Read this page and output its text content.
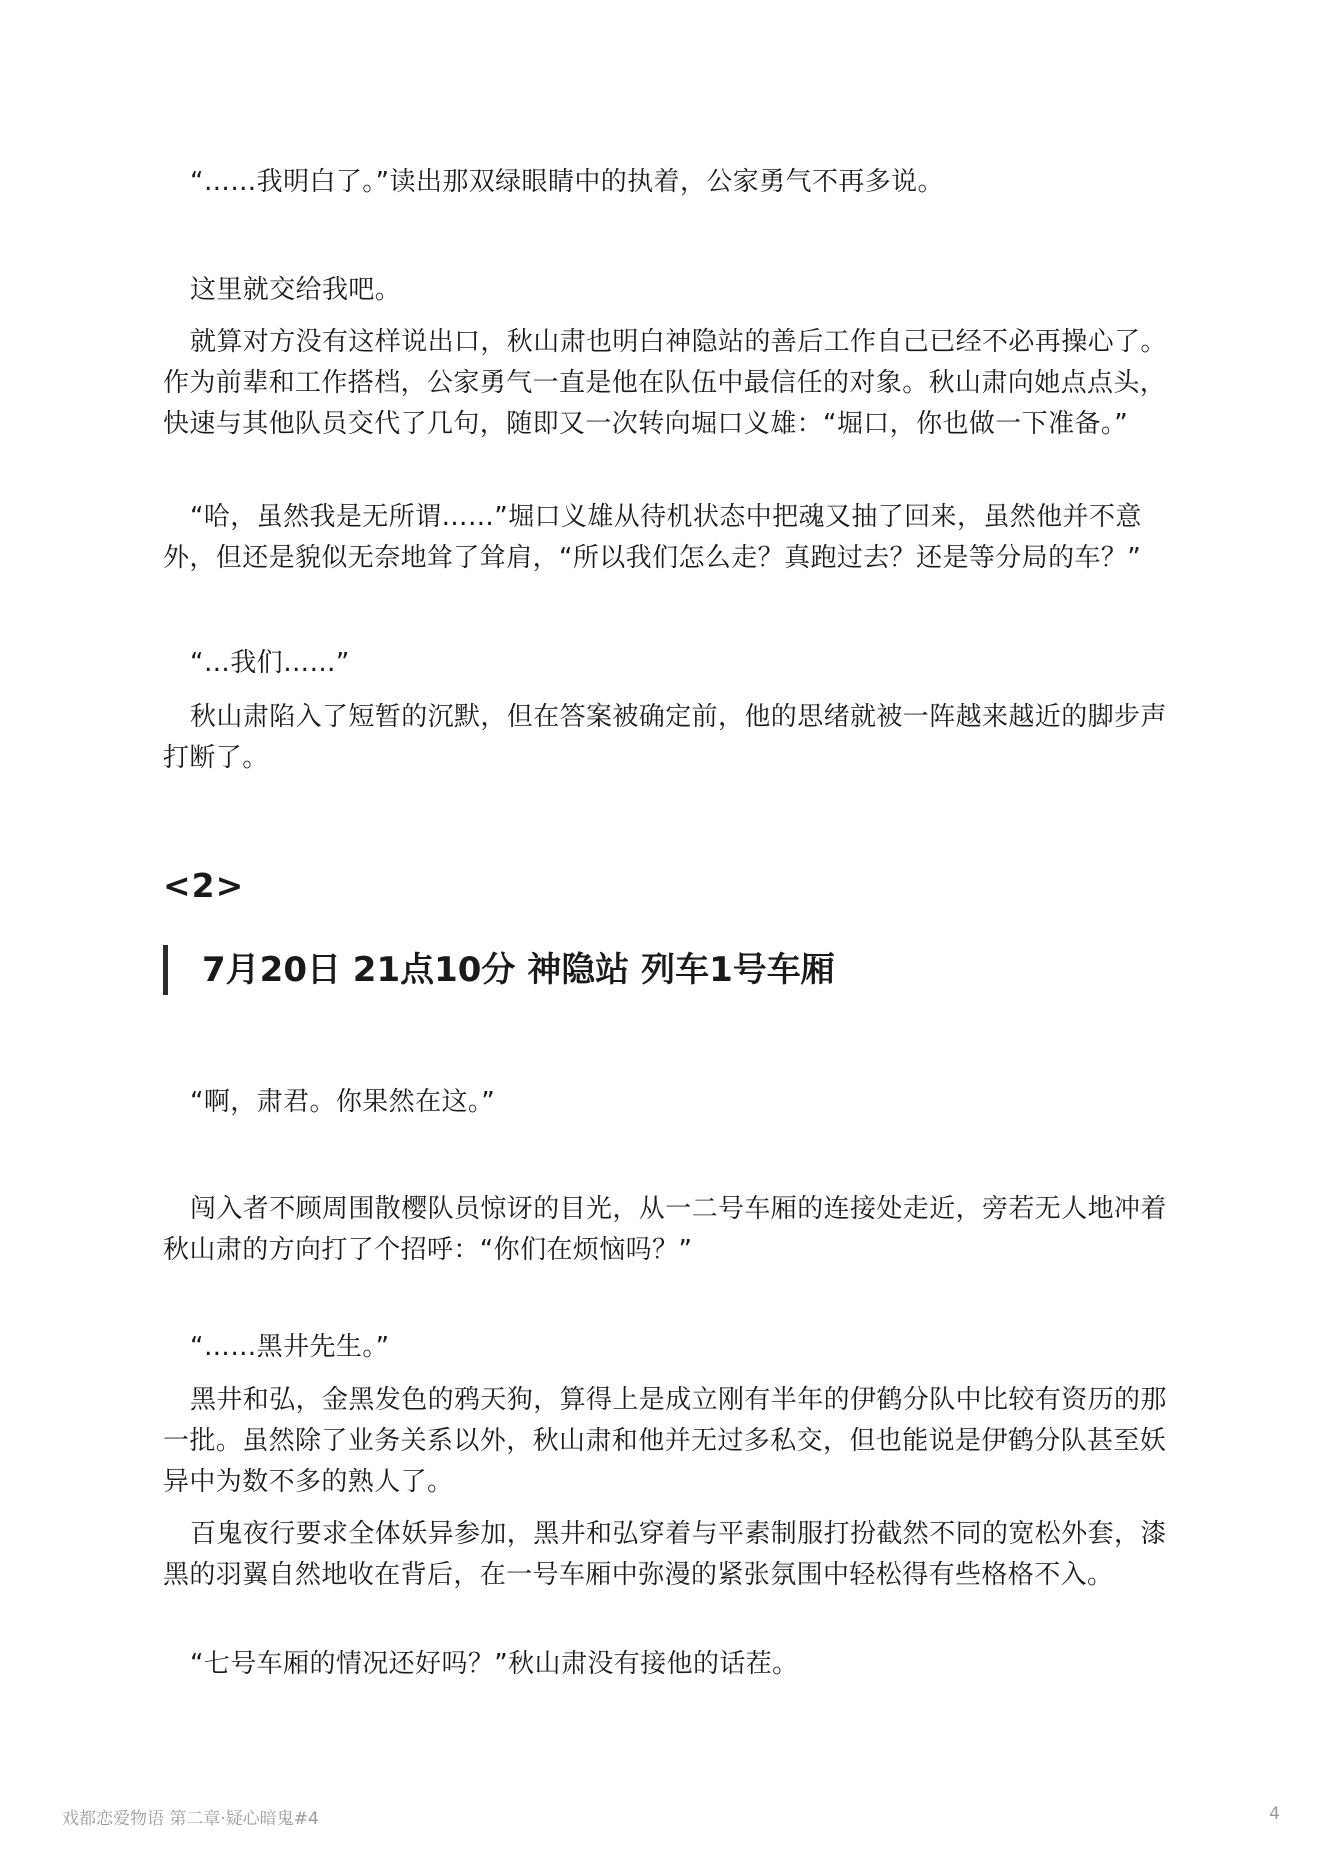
“……我明白了。”读出那双绿眼睛中的执着，公家勇气不再多说。

这里就交给我吧。

就算对方没有这样说出口，秋山肃也明白神隐站的善后工作自己已经不必再操心了。作为前辈和工作搭档，公家勇气一直是他在队伍中最信任的对象。秋山肃向她点点头，快速与其他队员交代了几句，随即又一次转向堀口义雄：“堀口，你也做一下准备。”

“哈，虽然我是无所谓……”堀口义雄从待机状态中把魂又抽了回来，虽然他并不意外，但还是貌似无奈地耸了耸肩，“所以我们怎么走？真跑过去？还是等分局的车？”

“…我们……”

秋山肃陷入了短暂的沉默，但在答案被确定前，他的思绪就被一阵越来越近的脚步声打断了。

<2>

7月20日 21点10分 神隐站 列车1号车厢

“啊，肃君。你果然在这。”

闯入者不顾周围散樱队员惊讶的目光，从一二号车厢的连接处走近，旁若无人地冲着秋山肃的方向打了个招呼：“你们在烦恼吗？”

“……黑井先生。”

黑井和弘，金黑发色的鸦天狗，算得上是成立刚有半年的伊鹤分队中比较有资历的那一批。虽然除了业务关系以外，秋山肃和他并无过多私交，但也能说是伊鹤分队甚至妖异中为数不多的熟人了。

百鬼夜行要求全体妖异参加，黑井和弘穿着与平素制服打扮截然不同的宽松外套，漆黑的羽翼自然地收在背后，在一号车厢中弥漫的紧张氛围中轻松得有些格格不入。

“七号车厢的情况还好吗？”秋山肃没有接他的话茬。

戏都恋爱物语 第二章·疑心暗鬼#4	4
